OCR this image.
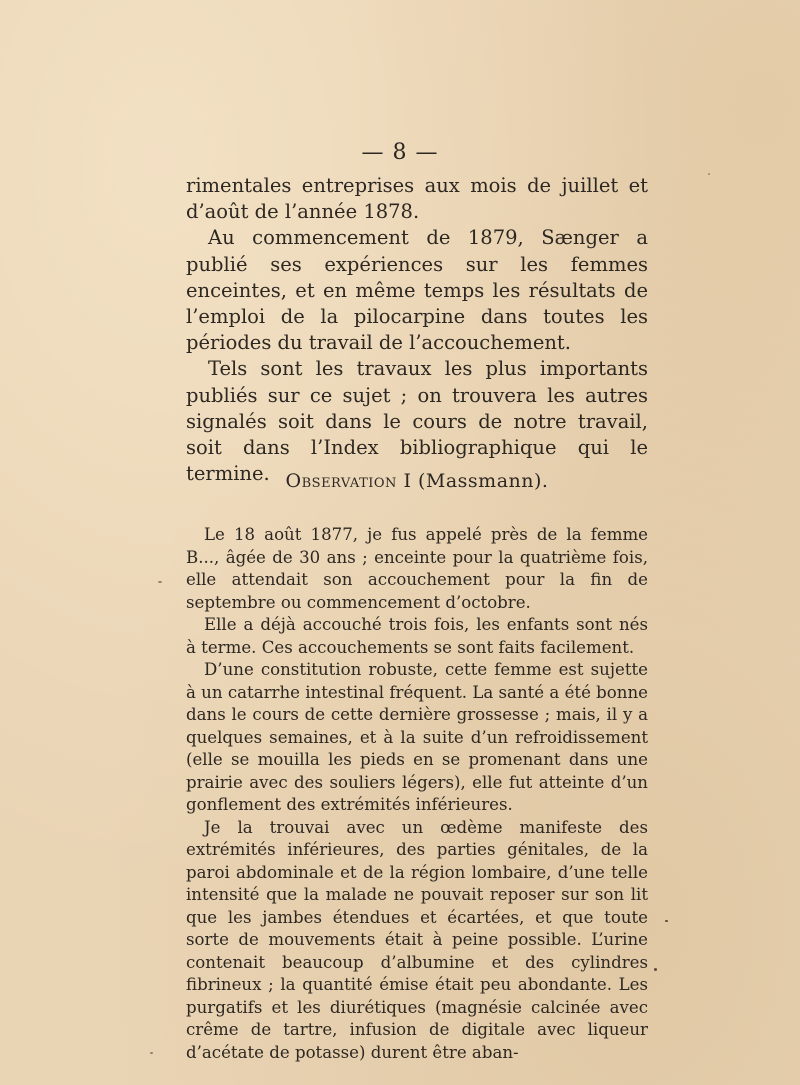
— 8 —

rimentales entreprises aux mois de juillet et d’août de l’année 1878.

Au commencement de 1879, Sænger a publié ses expériences sur les femmes enceintes, et en même temps les résultats de l’emploi de la pilocarpine dans toutes les périodes du travail de l’accouchement.

Tels sont les travaux les plus importants publiés sur ce sujet ; on trouvera les autres signalés soit dans le cours de notre travail, soit dans l’Index bibliographique qui le termine. Observation I (Massmann).

Le 18 août 1877, je fus appelé près de la femme B..., âgée de 30 ans ; enceinte pour la quatrième fois, elle attendait son accouchement pour la fin de septembre ou commencement d’octobre.

Elle a déjà accouché trois fois, les enfants sont nés à terme. Ces accouchements se sont faits facilement.

D’une constitution robuste, cette femme est sujette à un catarrhe intestinal fréquent. La santé a été bonne dans le cours de cette dernière grossesse ; mais, il y a quelques semaines, et à la suite d’un refroidissement (elle se mouilla les pieds en se promenant dans une prairie avec des souliers légers), elle fut atteinte d’un gonflement des extrémités inférieures.

Je la trouvai avec un œdème manifeste des extrémités inférieures, des parties génitales, de la paroi abdominale et de la région lombaire, d’une telle intensité que la malade ne pouvait reposer sur son lit que les jambes étendues et écartées, et que toute sorte de mouvements était à peine possible. L’urine contenait beaucoup d’albumine et des cylindres fibrineux ; la quantité émise était peu abondante. Les purgatifs et les diurétiques (magnésie calcinée avec crême de tartre, infusion de digitale avec liqueur d’acétate de potasse) durent être aban-
